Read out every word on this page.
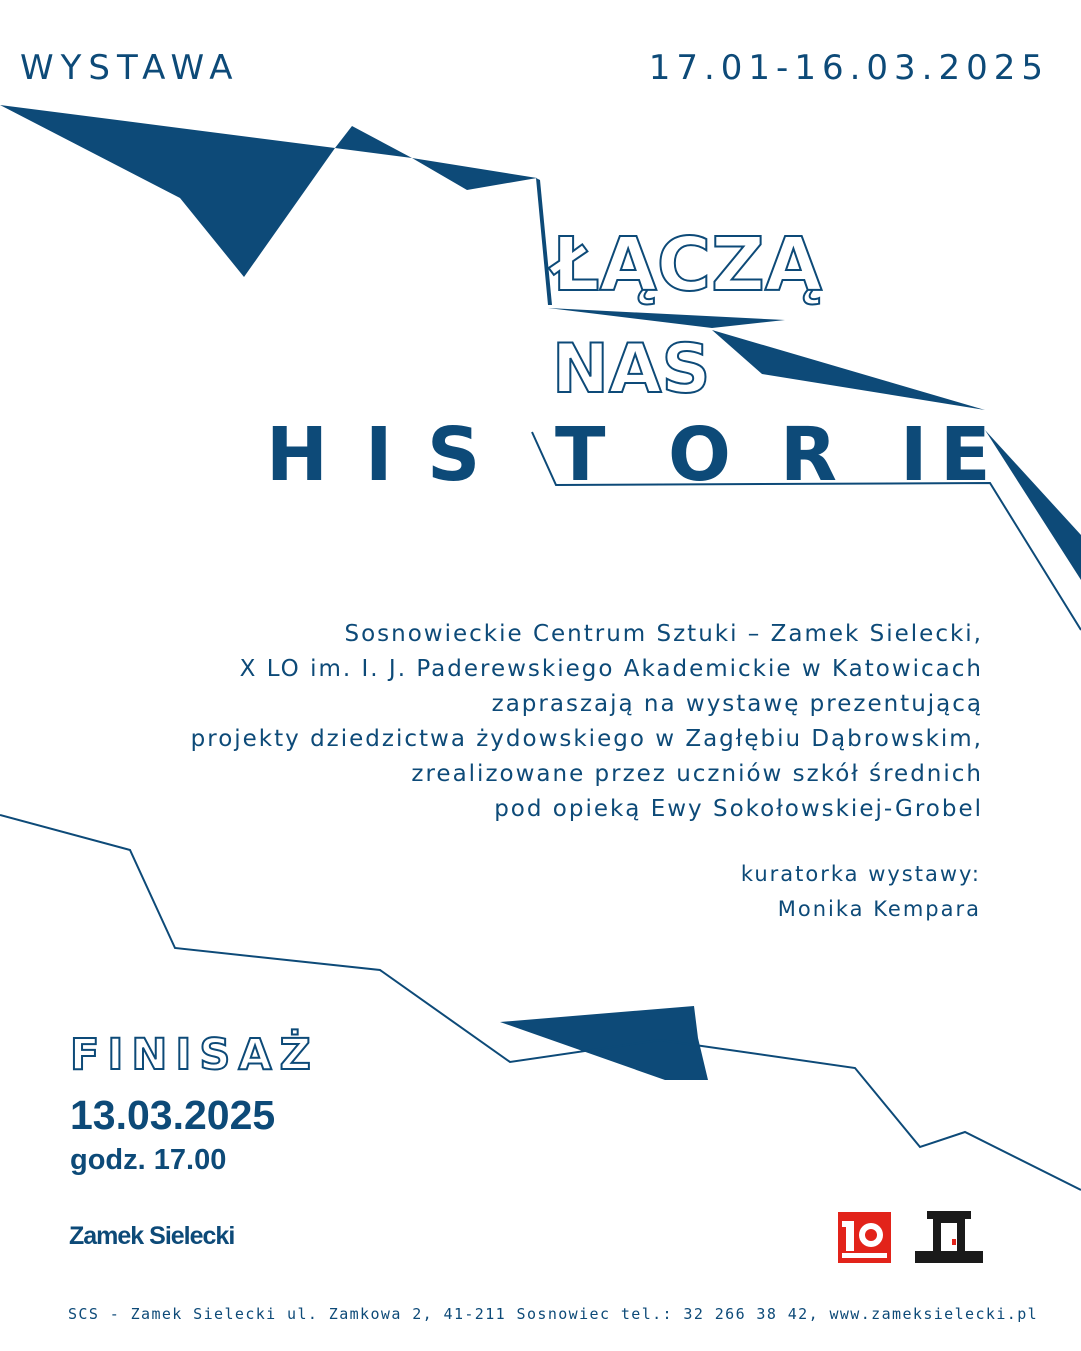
WYSTAWA	17.01-16.03.2025
ŁĄCZĄ
NAS
H I S T O R I E
Sosnowieckie Centrum Sztuki – Zamek Sielecki,
X LO im. I. J. Paderewskiego Akademickie w Katowicach
zapraszają na wystawę prezentującą
projekty dziedzictwa żydowskiego w Zagłębiu Dąbrowskim,
zrealizowane przez uczniów szkół średnich
pod opieką Ewy Sokołowskiej-Grobel
kuratorka wystawy:
Monika Kempara
FINISAŻ
13.03.2025
godz. 17.00
Zamek Sielecki
SCS - Zamek Sielecki ul. Zamkowa 2, 41-211 Sosnowiec tel.: 32 266 38 42, www.zameksielecki.pl
